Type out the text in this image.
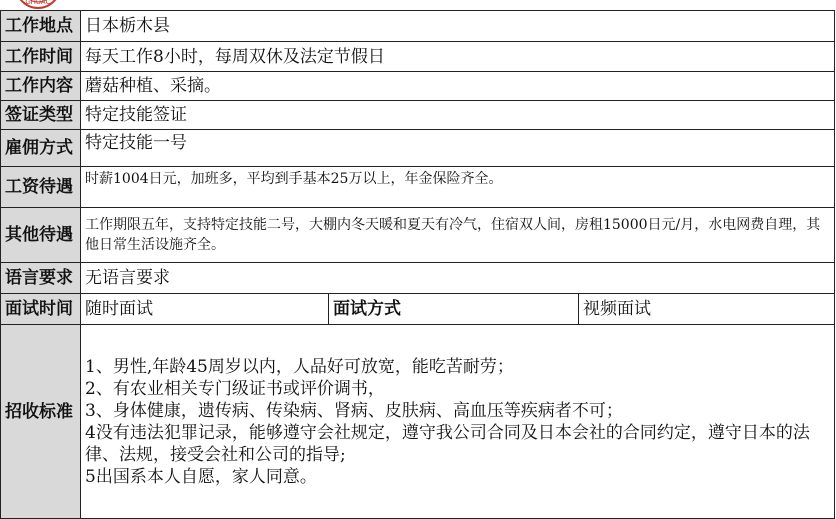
GHUAC
工作地点	日本栃木县		
工作时间	每天工作8小时，每周双休及法定节假日		
工作内容	蘑菇种植、采摘。		
签证类型	特定技能签证		
雇佣方式	特定技能一号		
工资待遇	时薪1004日元，加班多，平均到手基本25万以上，年金保险齐全。		
其他待遇	工作期限五年，支持特定技能二号，大棚内冬天暖和夏天有冷气，住宿双人间，房租15000日元/月，水电网费自理，其他日常生活设施齐全。		
语言要求	无语言要求		
面试时间	随时面试	面试方式	视频面试
招收标准	1、男性,年龄45周岁以内，人品好可放宽，能吃苦耐劳；
2、有农业相关专门级证书或评价调书，
3、身体健康，遗传病、传染病、肾病、皮肤病、高血压等疾病者不可；
4没有违法犯罪记录，能够遵守会社规定，遵守我公司合同及日本会社的合同约定，遵守日本的法律、法规，接受会社和公司的指导;
5出国系本人自愿，家人同意。		
